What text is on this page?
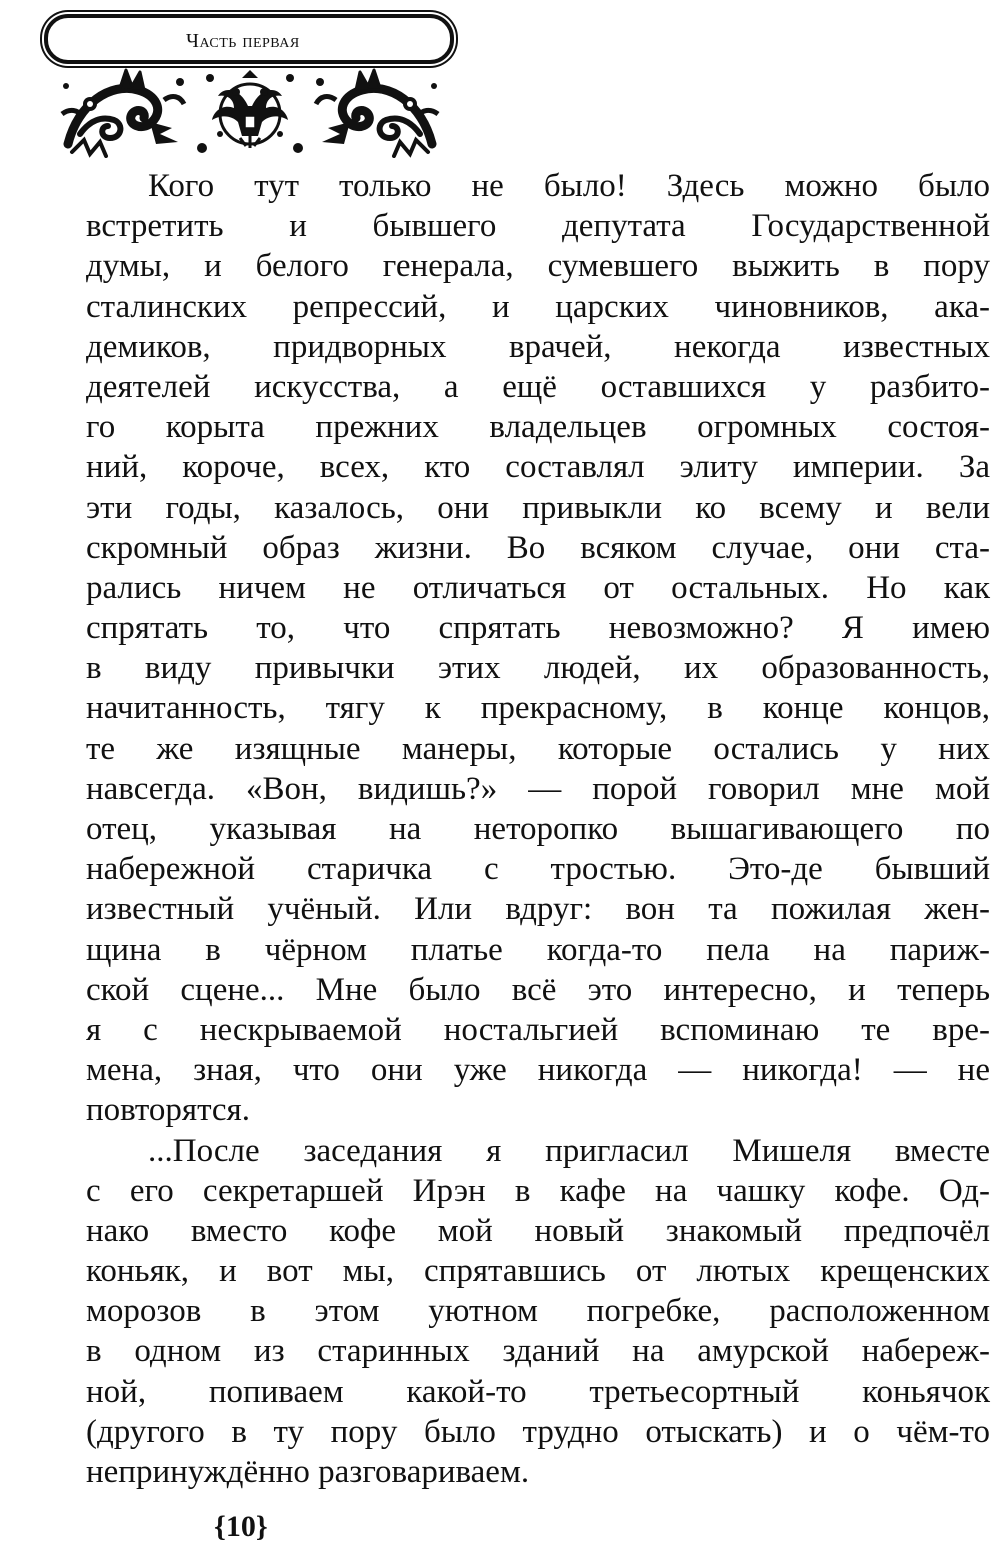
Часть первая
Кого тут только не было! Здесь можно было
встретить и бывшего депутата Государственной
думы, и белого генерала, сумевшего выжить в пору
сталинских репрессий, и царских чиновников, ака-
демиков, придворных врачей, некогда известных
деятелей искусства, а ещё оставшихся у разбито-
го корыта прежних владельцев огромных состоя-
ний, короче, всех, кто составлял элиту империи. За
эти годы, казалось, они привыкли ко всему и вели
скромный образ жизни. Во всяком случае, они ста-
рались ничем не отличаться от остальных. Но как
спрятать то, что спрятать невозможно? Я имею
в виду привычки этих людей, их образованность,
начитанность, тягу к прекрасному, в конце концов,
те же изящные манеры, которые остались у них
навсегда. «Вон, видишь?» — порой говорил мне мой
отец, указывая на неторопко вышагивающего по
набережной старичка с тростью. Это-де бывший
известный учёный. Или вдруг: вон та пожилая жен-
щина в чёрном платье когда-то пела на париж-
ской сцене... Мне было всё это интересно, и теперь
я с нескрываемой ностальгией вспоминаю те вре-
мена, зная, что они уже никогда — никогда! — не
повторятся.
...После заседания я пригласил Мишеля вместе
с его секретаршей Ирэн в кафе на чашку кофе. Од-
нако вместо кофе мой новый знакомый предпочёл
коньяк, и вот мы, спрятавшись от лютых крещенских
морозов в этом уютном погребке, расположенном
в одном из старинных зданий на амурской набереж-
ной, попиваем какой-то третьесортный коньячок
(другого в ту пору было трудно отыскать) и о чём-то
непринуждённо разговариваем.
{10}
